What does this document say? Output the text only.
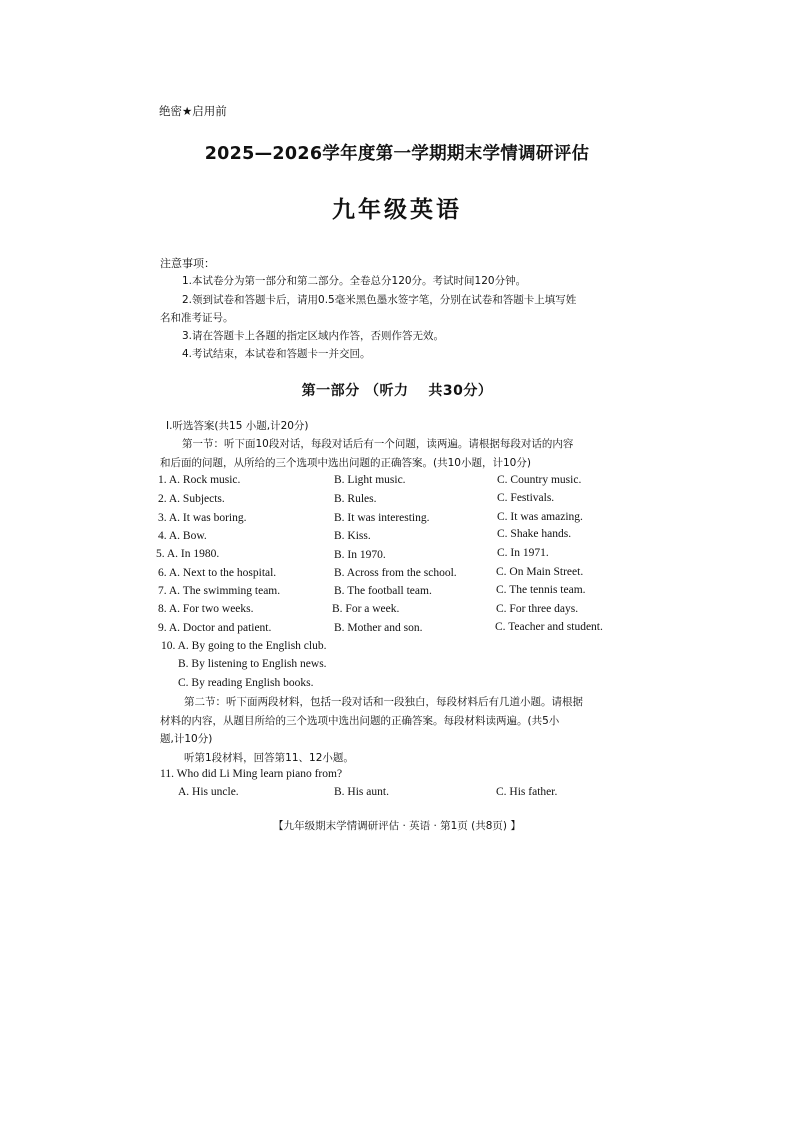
绝密★启用前
2025—2026学年度第一学期期末学情调研评估
九年级英语
注意事项：
1.本试卷分为第一部分和第二部分。全卷总分120分。考试时间120分钟。
2.领到试卷和答题卡后，请用0.5毫米黑色墨水签字笔，分别在试卷和答题卡上填写姓
名和准考证号。
3.请在答题卡上各题的指定区域内作答，否则作答无效。
4.考试结束，本试卷和答题卡一并交回。
第一部分 （听力　 共30分）
Ⅰ.听选答案(共15 小题,计20分)
第一节：听下面10段对话，每段对话后有一个问题，读两遍。请根据每段对话的内容
和后面的问题，从所给的三个选项中选出问题的正确答案。(共10小题，计10分)
1. A. Rock music.	B. Light music.	C. Country music.
2. A. Subjects.	B. Rules.	C. Festivals.
3. A. It was boring.	B. It was interesting.	C. It was amazing.
4. A. Bow.	B. Kiss.	C. Shake hands.
5. A. In 1980.	B. In 1970.	C. In 1971.
6. A. Next to the hospital.	B. Across from the school.	C. On Main Street.
7. A. The swimming team.	B. The football team.	C. The tennis team.
8. A. For two weeks.	B. For a week.	C. For three days.
9. A. Doctor and patient.	B. Mother and son.	C. Teacher and student.
10. A. By going to the English club.
B. By listening to English news.
C. By reading English books.
第二节：听下面两段材料，包括一段对话和一段独白，每段材料后有几道小题。请根据
材料的内容，从题目所给的三个选项中选出问题的正确答案。每段材料读两遍。(共5小
题,计10分)
听第1段材料，回答第11、12小题。
11. Who did Li Ming learn piano from?
A. His uncle.	B. His aunt.	C. His father.
【九年级期末学情调研评估 · 英语 · 第1页 (共8页) 】
